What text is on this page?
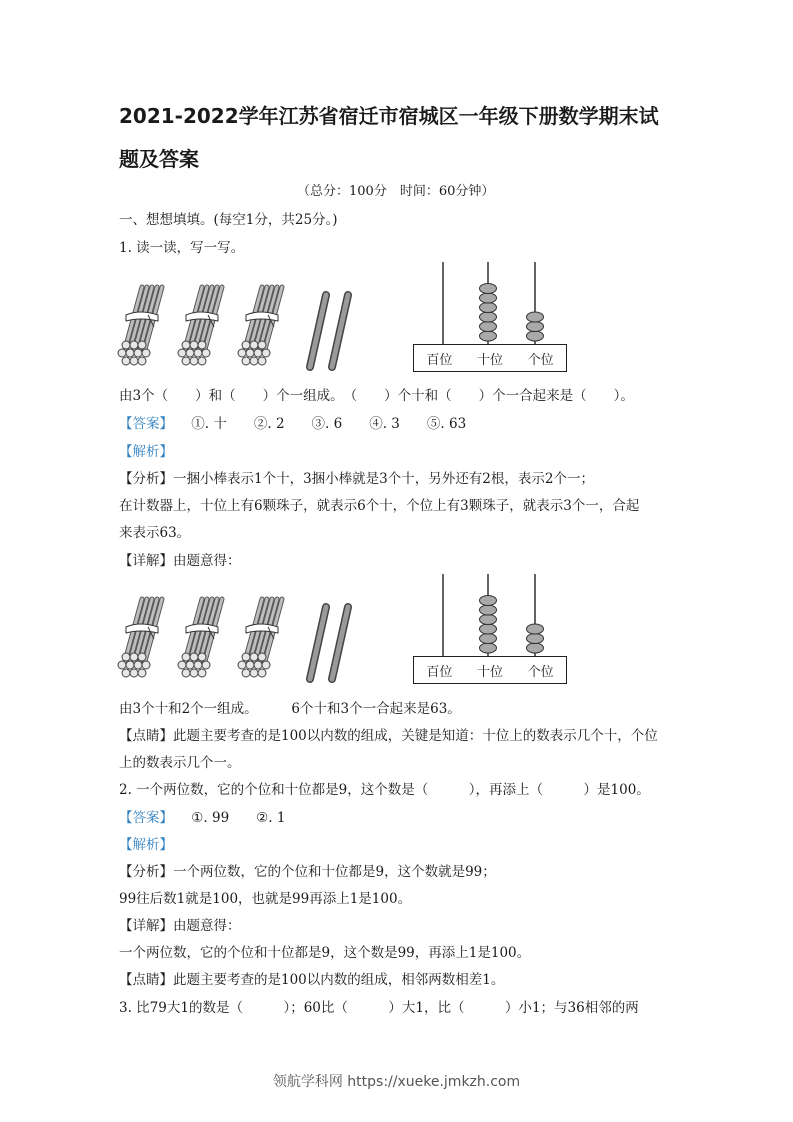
2021-2022学年江苏省宿迁市宿城区一年级下册数学期末试
题及答案
（总分：100分　时间：60分钟）
一、想想填填。(每空1分，共25分。)
1. 读一读，写一写。
百位 十位 个位
由3个（　　）和（　　）个一组成。　（　　）个十和（　　）个一合起来是（　　）。
【答案】 ①. 十　　②. 2　　③. 6　　④. 3　　⑤. 63
【解析】
【分析】一捆小棒表示1个十，3捆小棒就是3个十，另外还有2根，表示2个一；
在计数器上，十位上有6颗珠子，就表示6个十，个位上有3颗珠子，就表示3个一，合起
来表示63。
【详解】由题意得：
百位 十位 个位
由3个十和2个一组成。　　　6个十和3个一合起来是63。
【点睛】此题主要考查的是100以内数的组成，关键是知道：十位上的数表示几个十，个位
上的数表示几个一。
2. 一个两位数，它的个位和十位都是9，这个数是（　　　），再添上（　　　）是100。
【答案】 ①. 99　　②. 1
【解析】
【分析】一个两位数，它的个位和十位都是9，这个数就是99；
99往后数1就是100，也就是99再添上1是100。
【详解】由题意得：
一个两位数，它的个位和十位都是9，这个数是99，再添上1是100。
【点睛】此题主要考查的是100以内数的组成，相邻两数相差1。
3. 比79大1的数是（　　　）；60比（　　　）大1，比（　　　）小1；与36相邻的两
领航学科网 https://xueke.jmkzh.com
